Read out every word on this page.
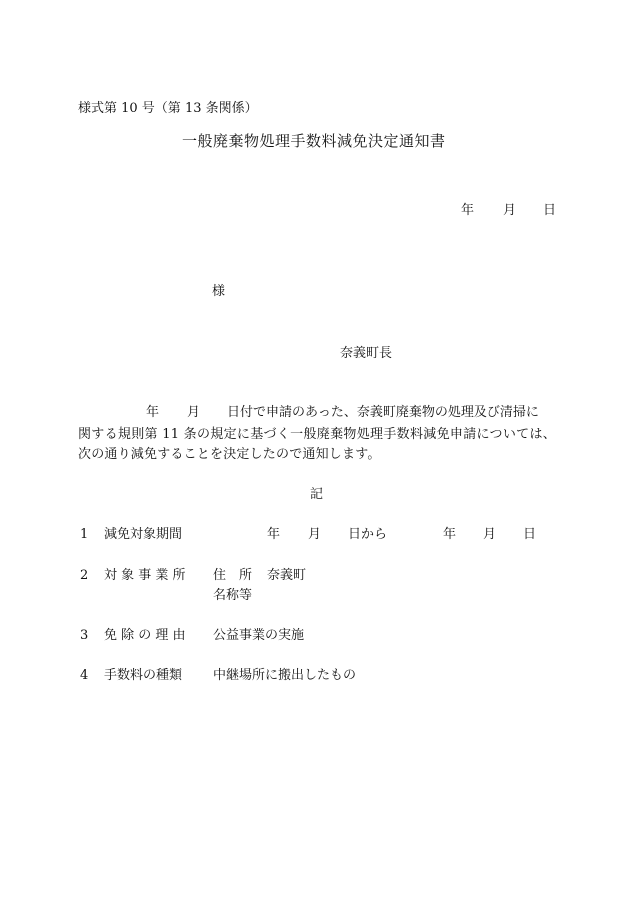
様式第 10 号（第 13 条関係）
一般廃棄物処理手数料減免決定通知書
年 月 日
様
奈義町長
年 月 日付で申請のあった、奈義町廃棄物の処理及び清掃に
関する規則第 11 条の規定に基づく一般廃棄物処理手数料減免申請については、
次の通り減免することを決定したので通知します。
記
1 減免対象期間	年 月 日から	年 月 日
2 対 象 事 業 所 住　所 奈義町
名称等
3 免 除 の 理 由 公益事業の実施
4 手数料の種類 中継場所に搬出したもの
